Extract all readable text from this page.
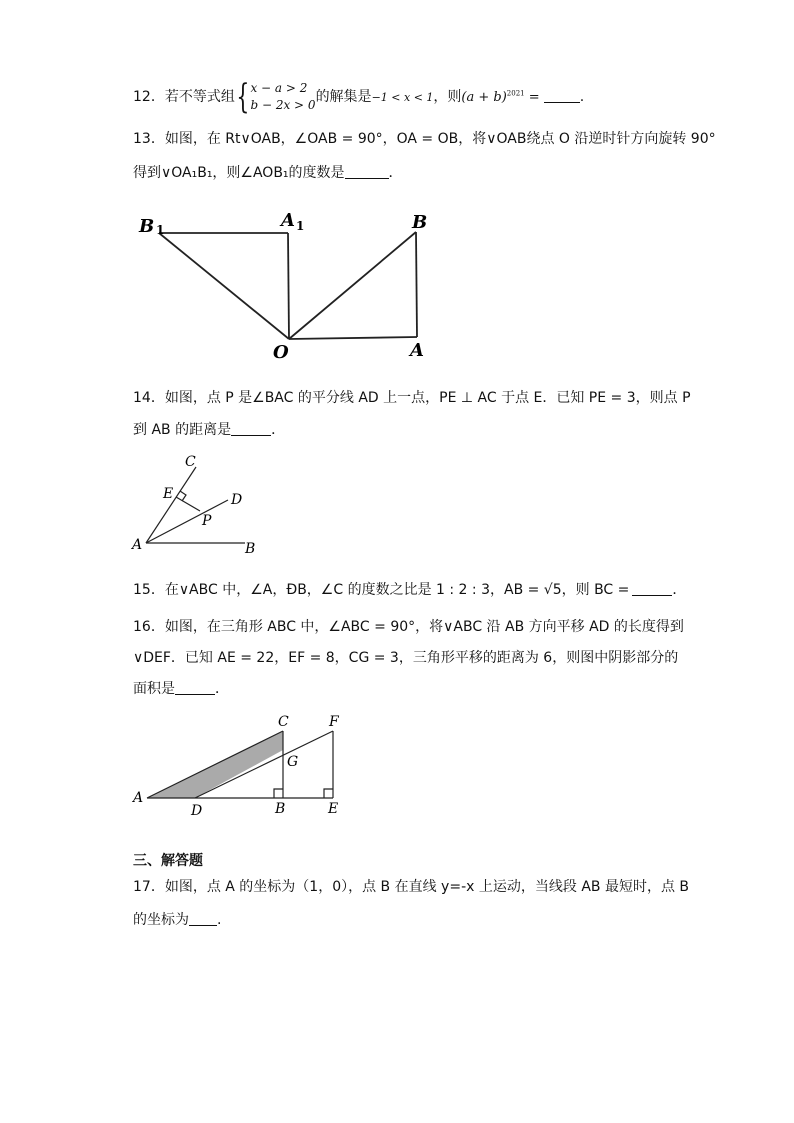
12．若不等式组{x − a > 2
b − 2x > 0的解集是−1 < x < 1，则$(a + b)^{2021}$ =	.
13．如图，在 Rt∨OAB，∠OAB = 90°，OA = OB，将∨OAB绕点 O 沿逆时针方向旋转 90°
得到∨OA₁B₁，则∠AOB₁的度数是	．
B 1	A 1	B
O	A
14．如图，点 P 是∠BAC 的平分线 AD 上一点，PE ⊥ AC 于点 E．已知 PE = 3，则点 P
到 AB 的距离是	．
C
E	D
P
A	B
15．在∨ABC 中，∠A，ÐB，∠C 的度数之比是 1 : 2 : 3，AB = √5，则 BC =	．
16．如图，在三角形 ABC 中，∠ABC = 90°，将∨ABC 沿 AB 方向平移 AD 的长度得到
∨DEF．已知 AE = 22，EF = 8，CG = 3，三角形平移的距离为 6，则图中阴影部分的
面积是	．
C	F
G
A
D	B	E
三、解答题
17．如图，点 A 的坐标为（1，0），点 B 在直线 y=-x 上运动，当线段 AB 最短时，点 B
的坐标为 .
